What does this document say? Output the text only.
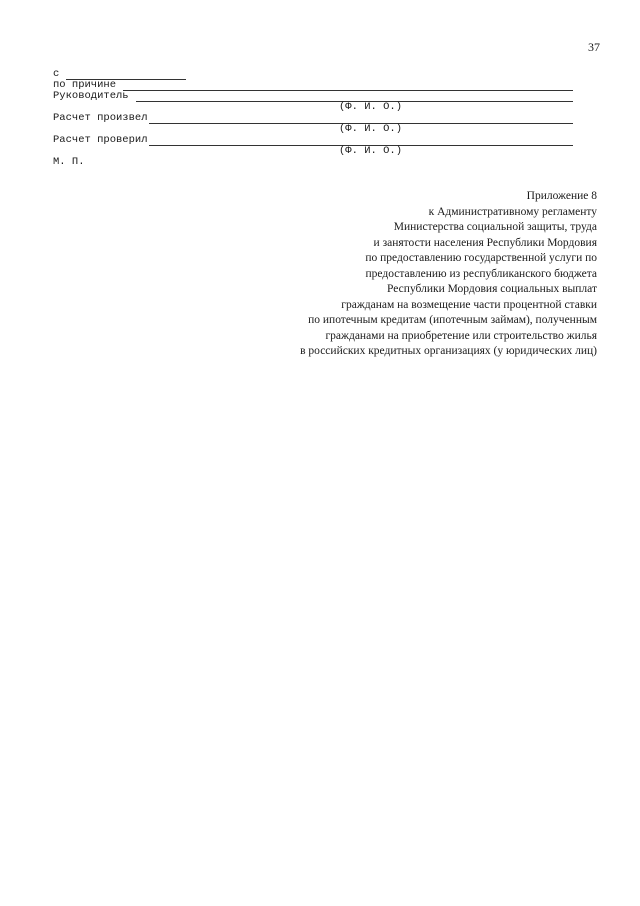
37
с
по причине
Руководитель
(Ф. И. О.)
Расчет произвел
(Ф. И. О.)
Расчет проверил
(Ф. И. О.)
М. П.
Приложение 8
к Административному регламенту
Министерства социальной защиты, труда
и занятости населения Республики Мордовия
по предоставлению государственной услуги по
предоставлению из республиканского бюджета
Республики Мордовия социальных выплат
гражданам на возмещение части процентной ставки
по ипотечным кредитам (ипотечным займам), полученным
гражданами на приобретение или строительство жилья
в российских кредитных организациях (у юридических лиц)
